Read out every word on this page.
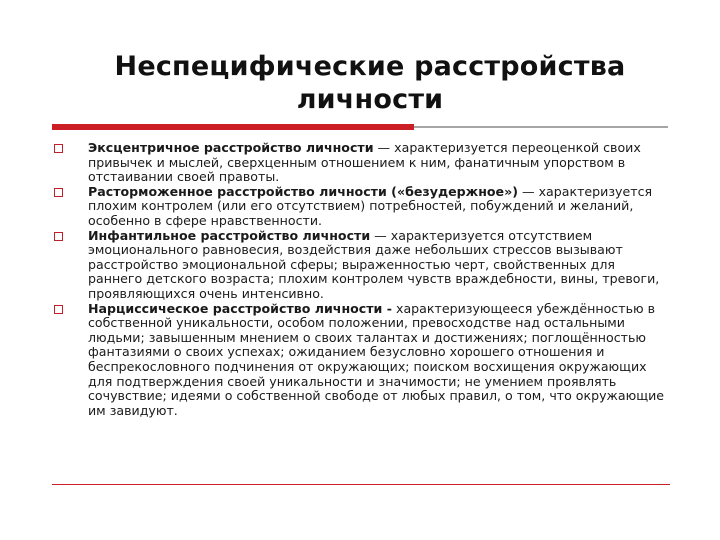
Неспецифические расстройства личности
Эксцентричное расстройство личности — характеризуется переоценкой своих привычек и мыслей, сверхценным отношением к ним, фанатичным упорством в отстаивании своей правоты.
Расторможенное расстройство личности («безудержное») — характеризуется плохим контролем (или его отсутствием) потребностей, побуждений и желаний, особенно в сфере нравственности.
Инфантильное расстройство личности — характеризуется отсутствием эмоционального равновесия, воздействия даже небольших стрессов вызывают расстройство эмоциональной сферы; выраженностью черт, свойственных для раннего детского возраста; плохим контролем чувств враждебности, вины, тревоги, проявляющихся очень интенсивно.
Нарциссическое расстройство личности - характеризующееся убеждённостью в собственной уникальности, особом положении, превосходстве над остальными людьми; завышенным мнением о своих талантах и достижениях; поглощённостью фантазиями о своих успехах; ожиданием безусловно хорошего отношения и беспрекословного подчинения от окружающих; поиском восхищения окружающих для подтверждения своей уникальности и значимости; не умением проявлять сочувствие; идеями о собственной свободе от любых правил, о том, что окружающие им завидуют.
